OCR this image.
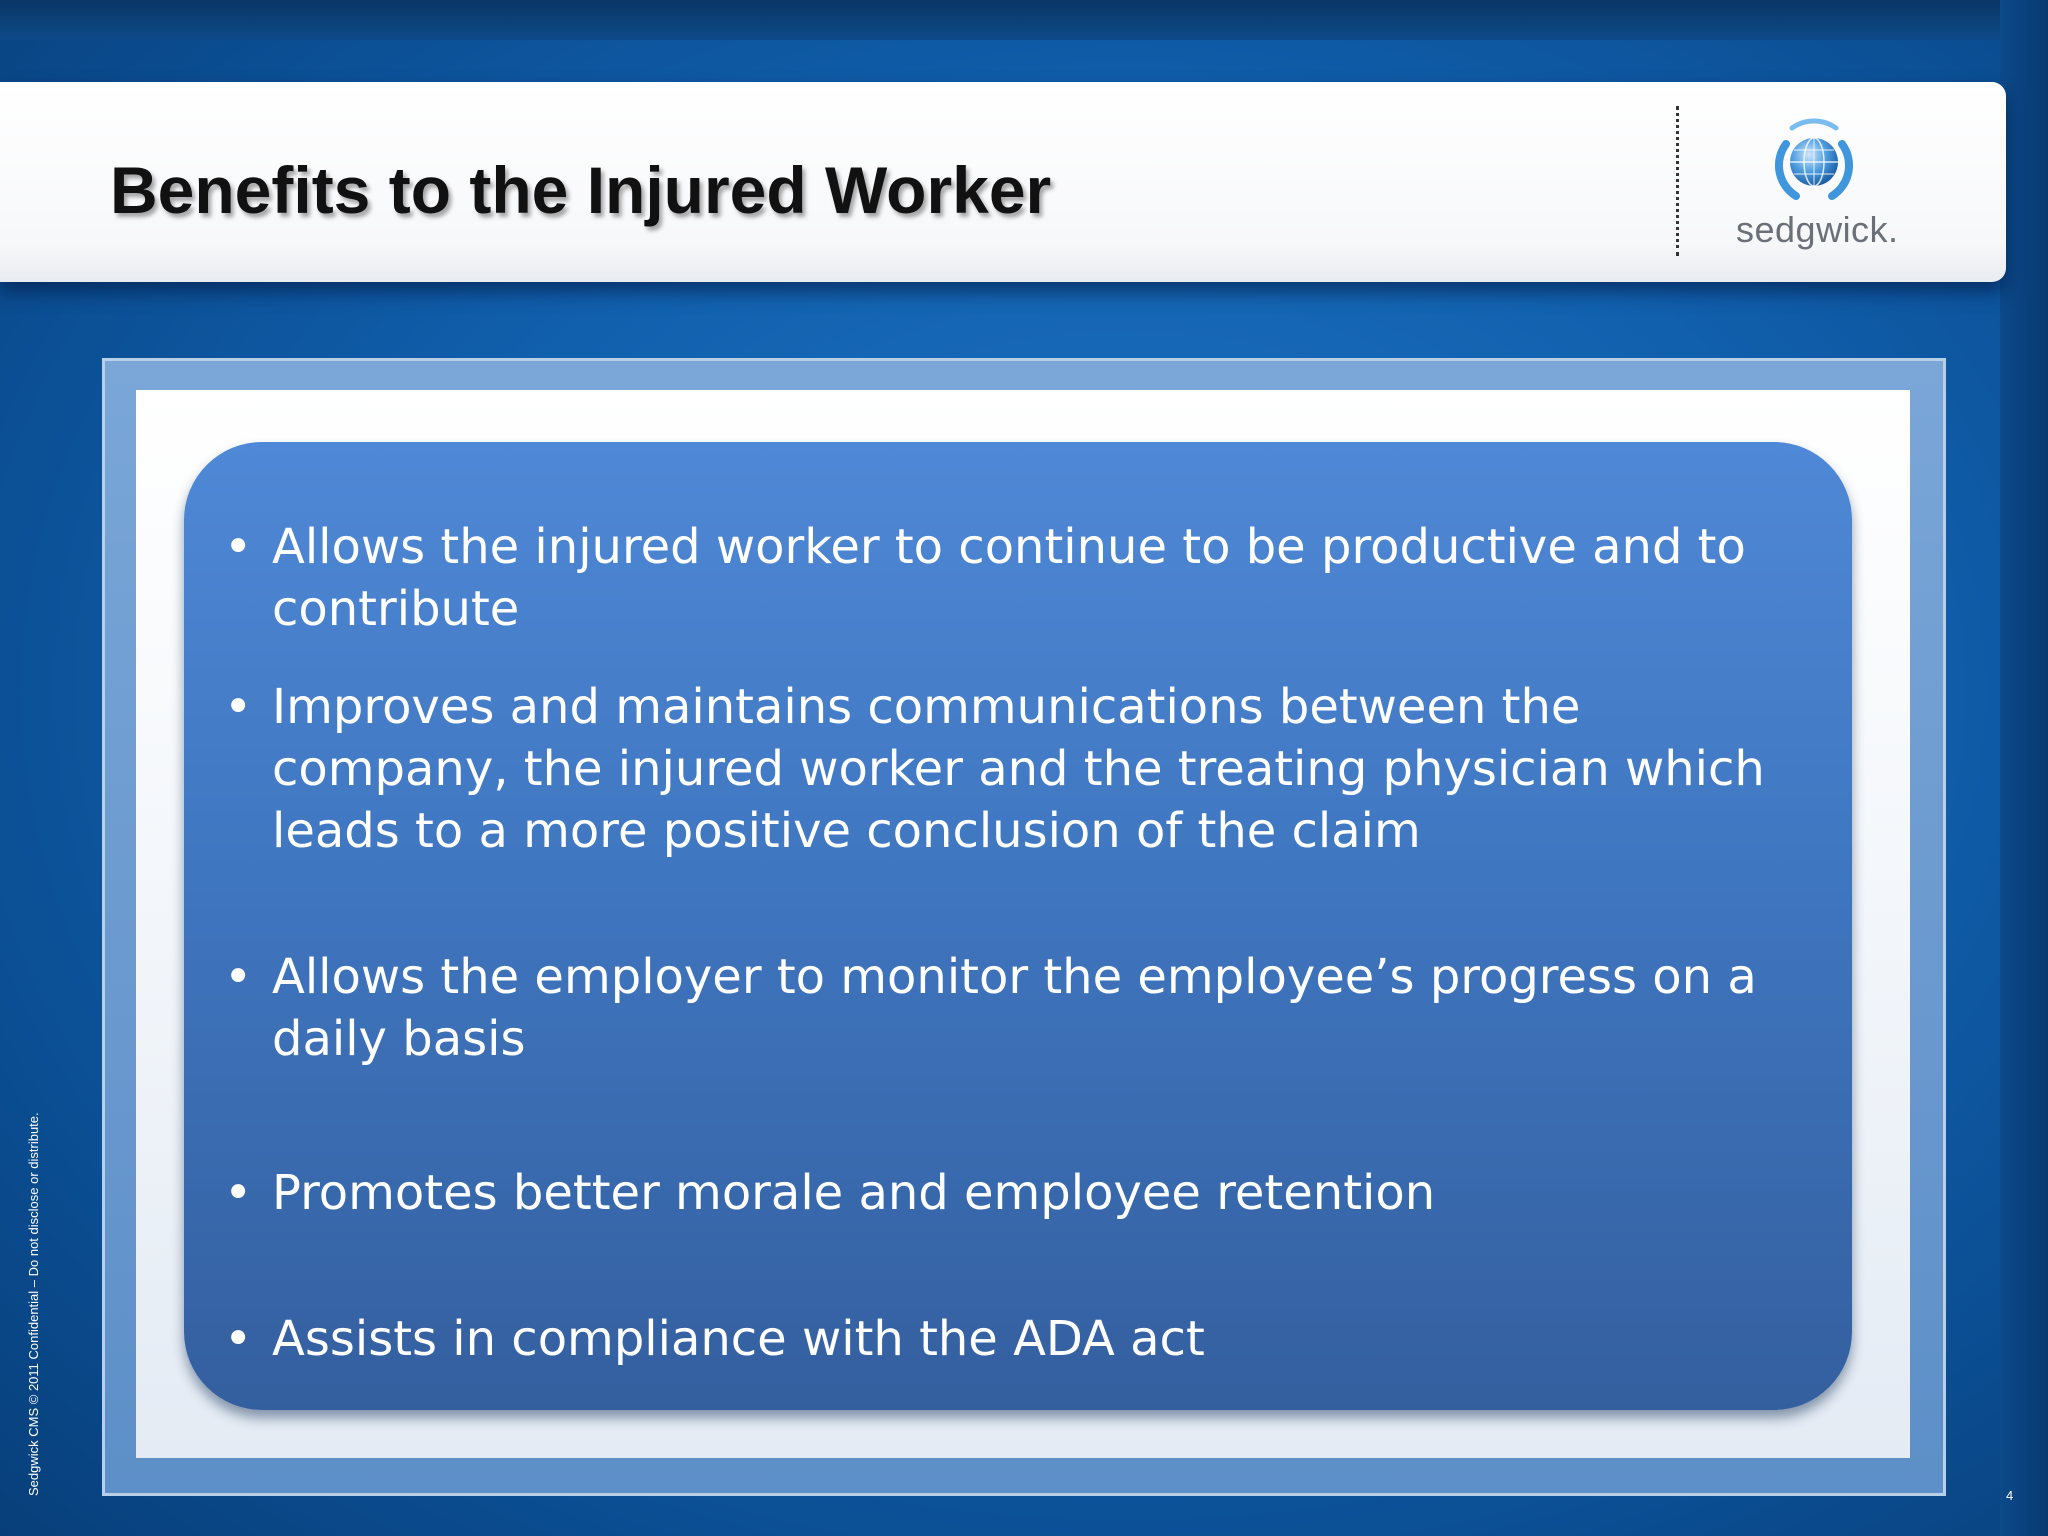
Benefits to the Injured Worker
sedgwick.
• Allows the injured worker to continue to be productive and to contribute
• Improves and maintains communications between the company, the injured worker and the treating physician which leads to a more positive conclusion of the claim
• Allows the employer to monitor the employee’s progress on a daily basis
• Promotes better morale and employee retention
• Assists in compliance with the ADA act
Sedgwick CMS © 2011 Confidential – Do not disclose or distribute.	4
